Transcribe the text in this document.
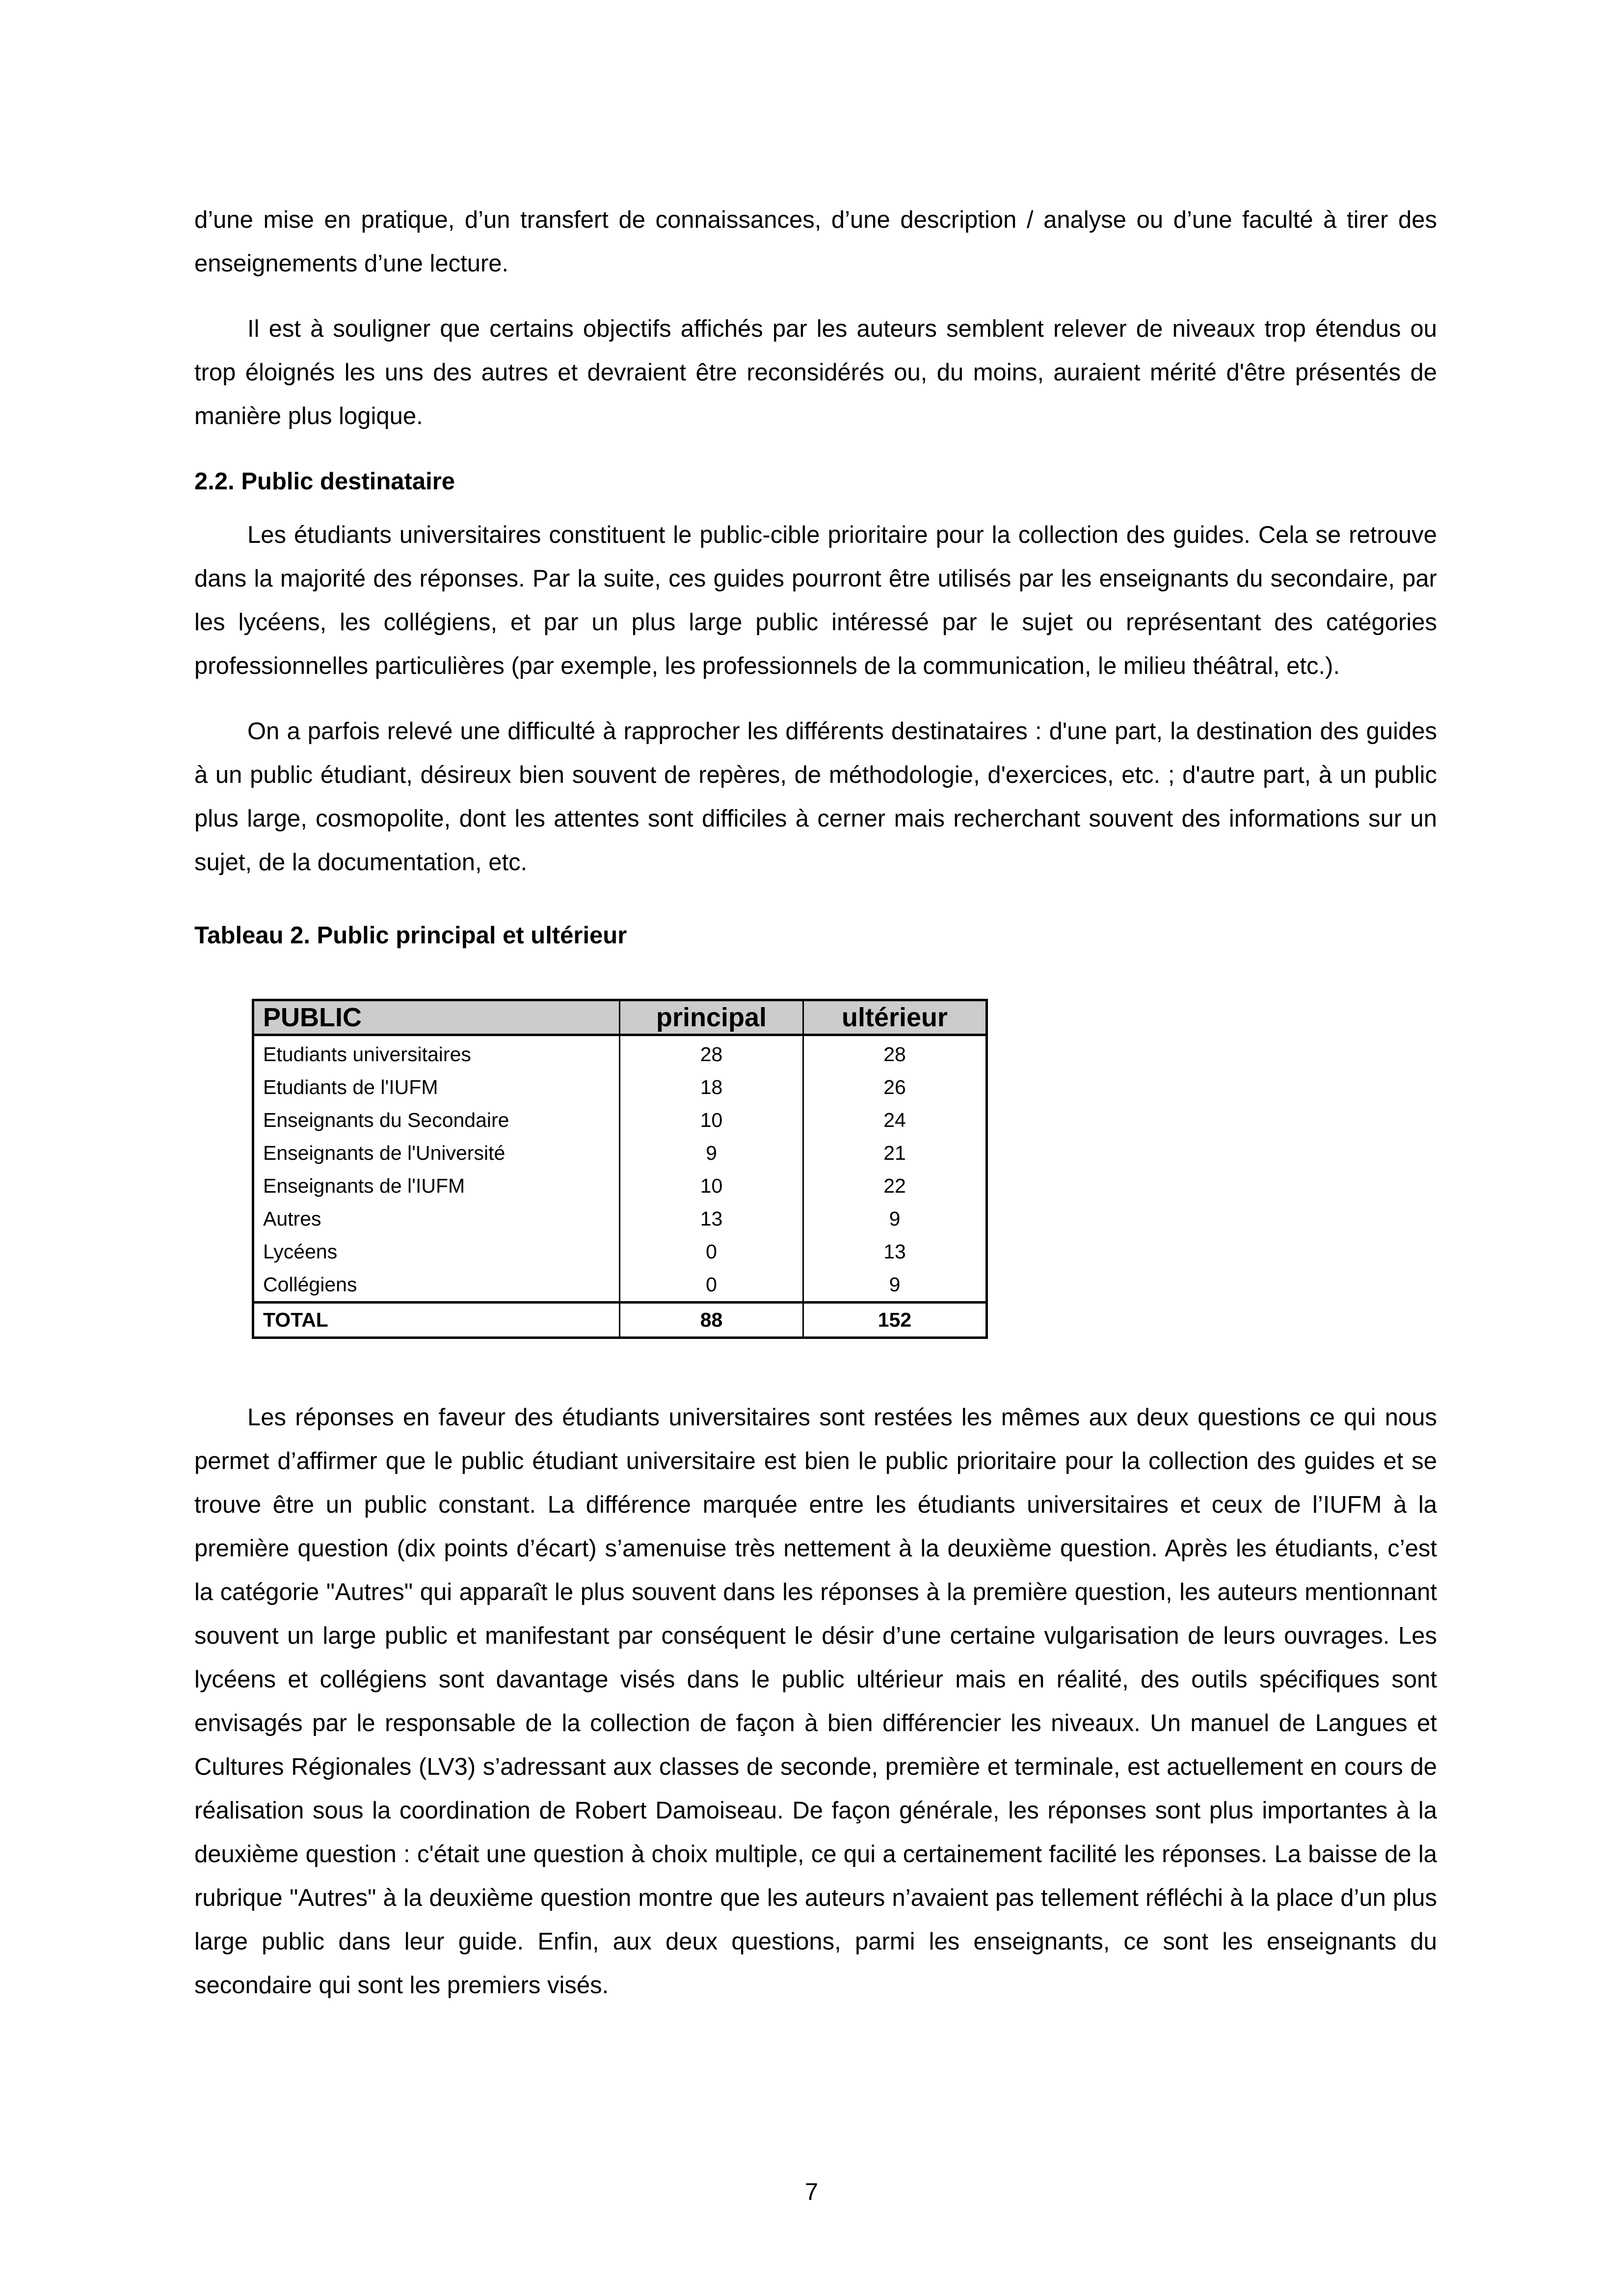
d’une mise en pratique, d’un transfert de connaissances, d’une description / analyse ou d’une faculté à tirer des enseignements d’une lecture.

Il est à souligner que certains objectifs affichés par les auteurs semblent relever de niveaux trop étendus ou trop éloignés les uns des autres et devraient être reconsidérés ou, du moins, auraient mérité d'être présentés de manière plus logique.

2.2. Public destinataire

Les étudiants universitaires constituent le public-cible prioritaire pour la collection des guides. Cela se retrouve dans la majorité des réponses. Par la suite, ces guides pourront être utilisés par les enseignants du secondaire, par les lycéens, les collégiens, et par un plus large public intéressé par le sujet ou représentant des catégories professionnelles particulières (par exemple, les professionnels de la communication, le milieu théâtral, etc.).

On a parfois relevé une difficulté à rapprocher les différents destinataires : d'une part, la destination des guides à un public étudiant, désireux bien souvent de repères, de méthodologie, d'exercices, etc. ; d'autre part, à un public plus large, cosmopolite, dont les attentes sont difficiles à cerner mais recherchant souvent des informations sur un sujet, de la documentation, etc.

Tableau 2. Public principal et ultérieur

PUBLIC	principal	ultérieur
Etudiants universitaires	28	28
Etudiants de l'IUFM	18	26
Enseignants du Secondaire	10	24
Enseignants de l'Université	9	21
Enseignants de l'IUFM	10	22
Autres	13	9
Lycéens	0	13
Collégiens	0	9
TOTAL	88	152

Les réponses en faveur des étudiants universitaires sont restées les mêmes aux deux questions ce qui nous permet d’affirmer que le public étudiant universitaire est bien le public prioritaire pour la collection des guides et se trouve être un public constant. La différence marquée entre les étudiants universitaires et ceux de l’IUFM à la première question (dix points d’écart) s’amenuise très nettement à la deuxième question. Après les étudiants, c’est la catégorie "Autres" qui apparaît le plus souvent dans les réponses à la première question, les auteurs mentionnant souvent un large public et manifestant par conséquent le désir d’une certaine vulgarisation de leurs ouvrages. Les lycéens et collégiens sont davantage visés dans le public ultérieur mais en réalité, des outils spécifiques sont envisagés par le responsable de la collection de façon à bien différencier les niveaux. Un manuel de Langues et Cultures Régionales (LV3) s’adressant aux classes de seconde, première et terminale, est actuellement en cours de réalisation sous la coordination de Robert Damoiseau. De façon générale, les réponses sont plus importantes à la deuxième question : c'était une question à choix multiple, ce qui a certainement facilité les réponses. La baisse de la rubrique "Autres" à la deuxième question montre que les auteurs n’avaient pas tellement réfléchi à la place d’un plus large public dans leur guide. Enfin, aux deux questions, parmi les enseignants, ce sont les enseignants du secondaire qui sont les premiers visés.

7
